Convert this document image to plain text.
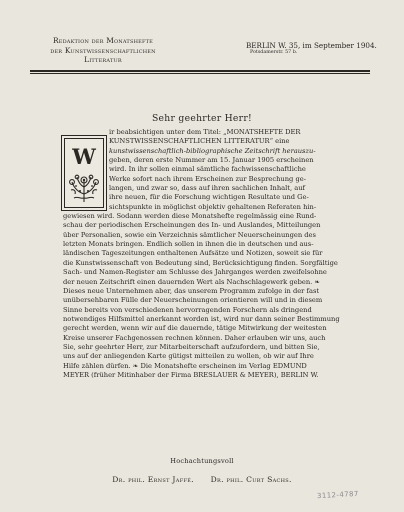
Redaktion der Monatshefte
der Kunstwissenschaftlichen
Litteratur
BERLIN W. 35, im September 1904.
Potsdamerstr. 57 b.
Sehr geehrter Herr!
W

ir beabsichtigen unter dem Titel: „MONATSHEFTE DER
KUNSTWISSENSCHAFTLICHEN LITTERATUR“ eine
kunstwissenschaftlich-bibliographische Zeitschrift herauszu-
geben, deren erste Nummer am 15. Januar 1905 erscheinen
wird. In ihr sollen einmal sämtliche fachwissenschaftliche
Werke sofort nach ihrem Erscheinen zur Besprechung ge-
langen, und zwar so, dass auf ihren sachlichen Inhalt, auf
ihre neuen, für die Forschung wichtigen Resultate und Ge-
sichtspunkte in möglichst objektiv gehaltenen Referaten hin-
gewiesen wird. Sodann werden diese Monatshefte regelmässig eine Rund-
schau der periodischen Erscheinungen des In- und Auslandes, Mitteilungen
über Personalien, sowie ein Verzeichnis sämtlicher Neuerscheinungen des
letzten Monats bringen. Endlich sollen in ihnen die in deutschen und aus-
ländischen Tageszeitungen enthaltenen Aufsätze und Notizen, soweit sie für
die Kunstwissenschaft von Bedeutung sind, Berücksichtigung finden. Sorgfältige
Sach- und Namen-Register am Schlusse des Jahrganges werden zweifelsohne
der neuen Zeitschrift einen dauernden Wert als Nachschlagewerk geben. ❧
Dieses neue Unternehmen aber, das unserem Programm zufolge in der fast
unübersehbaren Fülle der Neuerscheinungen orientieren will und in diesem
Sinne bereits von verschiedenen hervorragenden Forschern als dringend
notwendiges Hilfsmittel anerkannt worden ist, wird nur dann seiner Bestimmung
gerecht werden, wenn wir auf die dauernde, tätige Mitwirkung der weitesten
Kreise unserer Fachgenossen rechnen können. Daher erlauben wir uns, auch
Sie, sehr geehrter Herr, zur Mitarbeiterschaft aufzufordern, und bitten Sie,
uns auf der anliegenden Karte gütigst mitteilen zu wollen, ob wir auf Ihre
Hilfe zählen dürfen. ❧ Die Monatshefte erscheinen im Verlag EDMUND
MEYER (früher Mitinhaber der Firma BRESLAUER & MEYER), BERLIN W.

Hochachtungsvoll
Dr. phil. Ernst Jaffé. Dr. phil. Curt Sachs.
3112-4787
